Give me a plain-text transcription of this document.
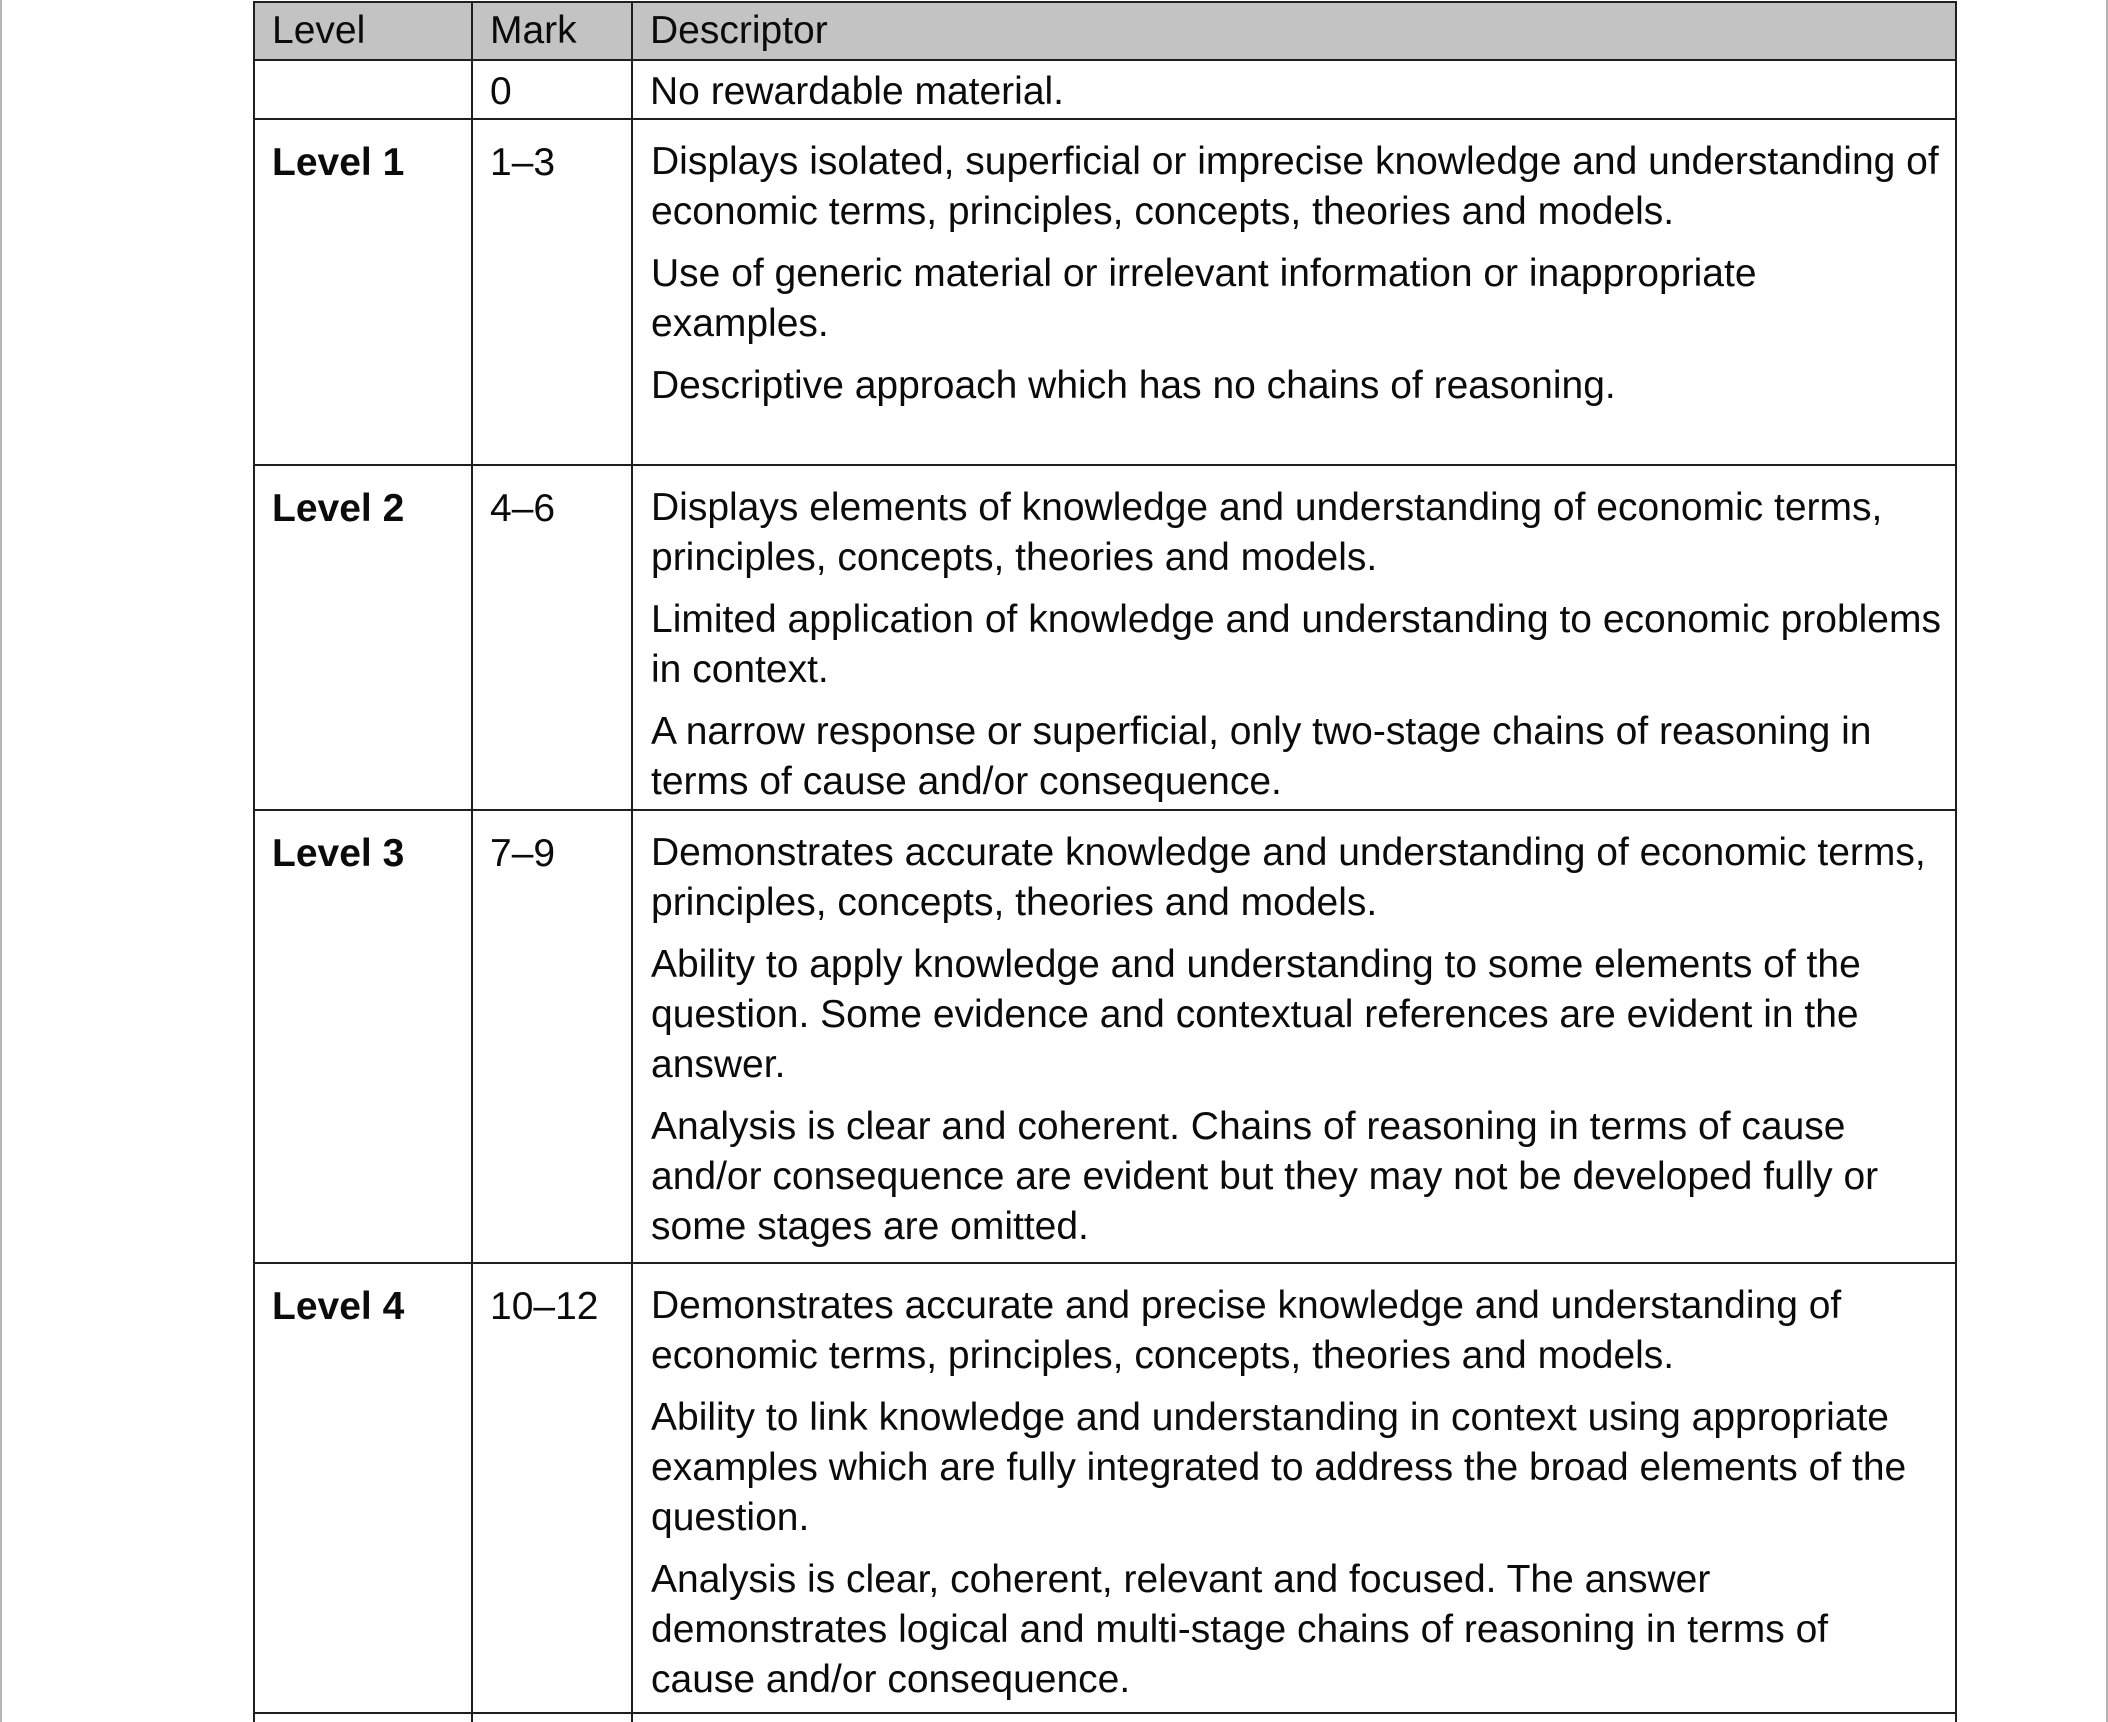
Level	Mark	Descriptor
	0	No rewardable material.

Level 1	1–3	Displays isolated, superficial or imprecise knowledge and understanding of economic terms, principles, concepts, theories and models.

Use of generic material or irrelevant information or inappropriate examples.

Descriptive approach which has no chains of reasoning.

Level 2	4–6	Displays elements of knowledge and understanding of economic terms, principles, concepts, theories and models.

Limited application of knowledge and understanding to economic problems in context.

A narrow response or superficial, only two-stage chains of reasoning in terms of cause and/or consequence.

Level 3	7–9	Demonstrates accurate knowledge and understanding of economic terms, principles, concepts, theories and models.

Ability to apply knowledge and understanding to some elements of the question. Some evidence and contextual references are evident in the answer.

Analysis is clear and coherent. Chains of reasoning in terms of cause and/or consequence are evident but they may not be developed fully or some stages are omitted.

Level 4	10–12	Demonstrates accurate and precise knowledge and understanding of economic terms, principles, concepts, theories and models.

Ability to link knowledge and understanding in context using appropriate examples which are fully integrated to address the broad elements of the question.

Analysis is clear, coherent, relevant and focused. The answer demonstrates logical and multi-stage chains of reasoning in terms of cause and/or consequence.
